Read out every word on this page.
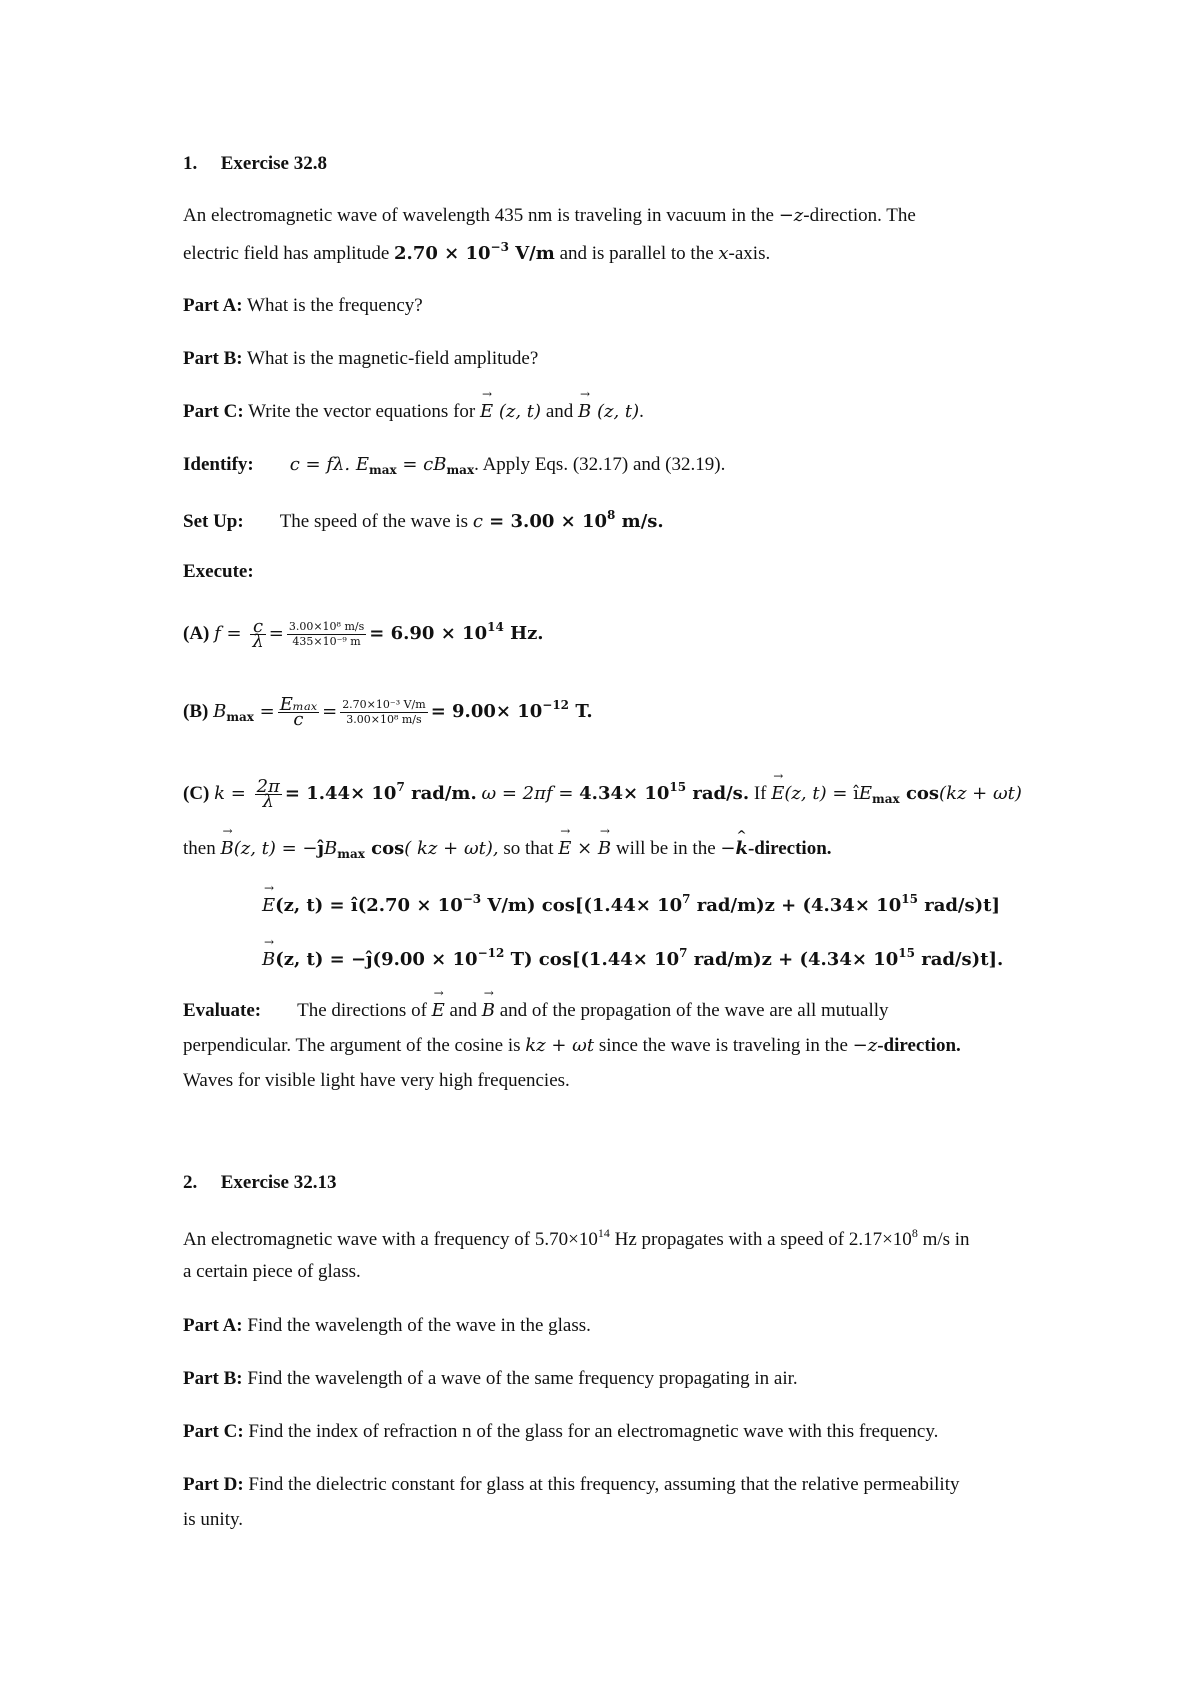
1. Exercise 32.8
An electromagnetic wave of wavelength 435 nm is traveling in vacuum in the −z-direction. The
electric field has amplitude $2.70 \times 10^{-3}$ V/m and is parallel to the x-axis.
Part A: What is the frequency?
Part B: What is the magnetic-field amplitude?
Part C: Write the vector equations for → E (z, t) and → B (z, t).
Identify: c = fλ. $E_{max} = cB_{max}$. Apply Eqs. (32.17) and (32.19).
Set Up: The speed of the wave is $c = 3.00 \times 10^8$ m/s.
Execute:
(A) $f = \frac{c}{\lambda} = \frac{\text{3.00×10⁸ m/s}}{\text{435×10⁻⁹ m}} = 6.90 \times 10^{14}$ Hz.
(B) $B_{max} = \frac{\text{Eₘₐₓ}}{c} = \frac{\text{2.70×10⁻³ V/m}}{\text{3.00×10⁸ m/s}} = 9.00\times 10^{-12}$ T.
(C) $k = \frac{2\pi}{\lambda} = 1.44\times 10^7$ rad/m. $\omega = 2\pi f = 4.34\times 10^{15}$ rad/s. If → E(z, $t) = îE_{max}$ cos(kz + ωt)
then → B(z, $t) = -ĵB_{max}$ cos( kz + ωt), so that → E × → B will be in the −^ k-direction.
→ E(z, t) = î(2.70 × $10^{-3}$ V/m) $\cos[(1.44\times 10^7$ $rad/m)z + (4.34\times 10^{15}$ rad/s)t]
→ B(z, t) = −ĵ(9.00 × $10^{-12}$ T) $\cos[(1.44\times 10^7$ $rad/m)z + (4.34\times 10^{15}$ rad/s)t].
Evaluate: The directions of → E and → B and of the propagation of the wave are all mutually
perpendicular. The argument of the cosine is kz + ωt since the wave is traveling in the −z-direction.
Waves for visible light have very high frequencies.
2. Exercise 32.13
An electromagnetic wave with a frequency of $5.70\times 10^{14}$ Hz propagates with a speed of $2.17\times 10^8$ m/s in
a certain piece of glass.
Part A: Find the wavelength of the wave in the glass.
Part B: Find the wavelength of a wave of the same frequency propagating in air.
Part C: Find the index of refraction n of the glass for an electromagnetic wave with this frequency.
Part D: Find the dielectric constant for glass at this frequency, assuming that the relative permeability
is unity.
